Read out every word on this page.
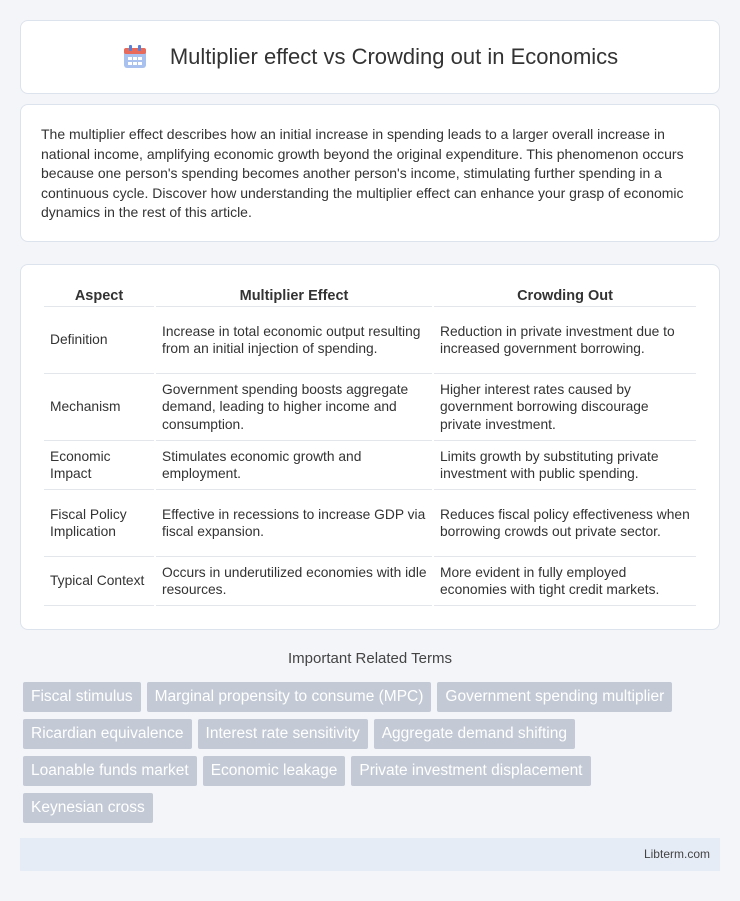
Multiplier effect vs Crowding out in Economics

The multiplier effect describes how an initial increase in spending leads to a larger overall increase in national income, amplifying economic growth beyond the original expenditure. This phenomenon occurs because one person's spending becomes another person's income, stimulating further spending in a continuous cycle. Discover how understanding the multiplier effect can enhance your grasp of economic dynamics in the rest of this article.

Aspect	Multiplier Effect	Crowding Out
Definition	Increase in total economic output resulting from an initial injection of spending.	Reduction in private investment due to increased government borrowing.
Mechanism	Government spending boosts aggregate demand, leading to higher income and consumption.	Higher interest rates caused by government borrowing discourage private investment.
Economic Impact	Stimulates economic growth and employment.	Limits growth by substituting private investment with public spending.
Fiscal Policy Implication	Effective in recessions to increase GDP via fiscal expansion.	Reduces fiscal policy effectiveness when borrowing crowds out private sector.
Typical Context	Occurs in underutilized economies with idle resources.	More evident in fully employed economies with tight credit markets.
Important Related Terms
Fiscal stimulus	Marginal propensity to consume (MPC)	Government spending multiplier
Ricardian equivalence	Interest rate sensitivity	Aggregate demand shifting
Loanable funds market	Economic leakage	Private investment displacement
Keynesian cross
Libterm.com
